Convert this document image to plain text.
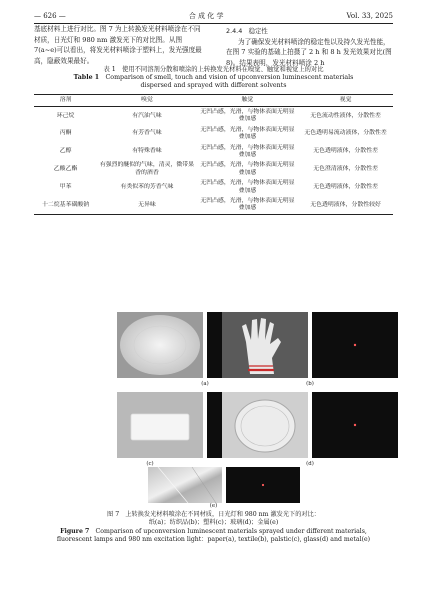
— 626 —	合 成 化 学	Vol. 33, 2025

基底材料上进行对比。图 7 为上转换发光材料喷涂在不同材质，日光灯和 980 nm 激发光下的对比图。从图 7(a~e)可以看出，将发光材料喷涂于塑料上，发光强度最高，隐蔽效果最好。

2.4.4　稳定性

为了确保发光材料喷涂的稳定性以及持久发光性能，在图 7 实验的基础上拍摄了 2 h 和 8 h 发光效果对比(图 8)。结果表明，发光材料喷涂 2 h

表 1　使用不同溶剂分散和喷涂的上转换发光材料在嗅觉、触觉和视觉上的对比
Table 1  Comparison of smell, touch and vision of upconversion luminescent materials
dispersed and sprayed with different solvents
溶剂	嗅觉	触觉	视觉
环己烷	有汽油气味	无凹凸感，光滑，与物体表面无明显叠加感	无色流动性液体，分散性差
丙酮	有芳香气味	无凹凸感，光滑，与物体表面无明显叠加感	无色透明易流动液体，分散性差
乙醇	有特殊香味	无凹凸感，光滑，与物体表面无明显叠加感	无色透明液体，分散性差
乙酸乙酯	有强烈的醚似的气味，清灵，微带果香的酒香	无凹凸感，光滑，与物体表面无明显叠加感	无色澄清液体，分散性差
甲苯	有类似苯的芳香气味	无凹凸感，光滑，与物体表面无明显叠加感	无色透明液体，分散性差
十二烷基苯磺酸钠	无异味	无凹凸感，光滑，与物体表面无明显叠加感	无色透明液体，分散性较好
(a)	(b)
(c)	(d)
(e)
图 7　上转换发光材料喷涂在不同材质，日光灯和 980 nm 激发光下的对比：
纸(a)；纺织品(b)；塑料(c)；玻璃(d)；金属(e)
Figure 7  Comparison of upconversion luminescent materials sprayed under different materials,
fluorescent lamps and 980 nm excitation light：paper(a), textile(b), palstic(c), glass(d) and metal(e)
